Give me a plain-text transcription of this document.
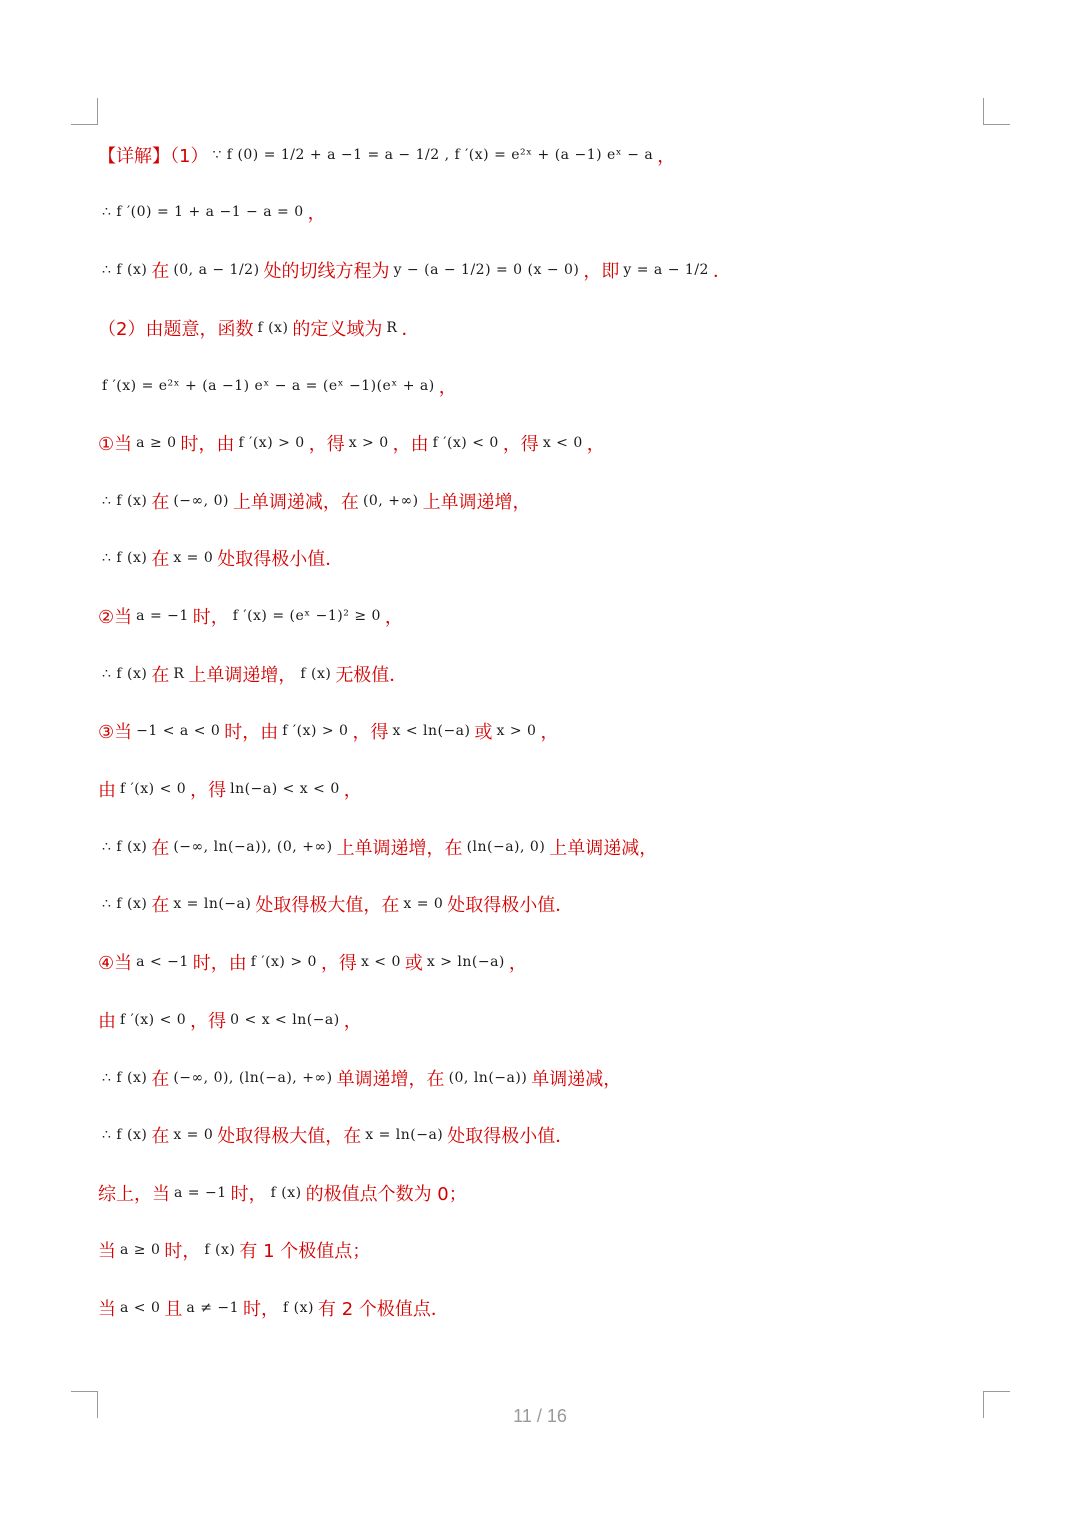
【详解】（1） ∵ f (0) = 1/2 + a −1 = a − 1/2 , f ′(x) = e²ˣ + (a −1) eˣ − a ，
∴ f ′(0) = 1 + a −1 − a = 0 ，
∴ f (x) 在 (0, a − 1/2) 处的切线方程为 y − (a − 1/2) = 0 (x − 0) ，即 y = a − 1/2 ．
（2）由题意，函数 f (x) 的定义域为 R ．
f ′(x) = e²ˣ + (a −1) eˣ − a = (eˣ −1)(eˣ + a) ，
①当 a ≥ 0 时，由 f ′(x) > 0 ，得 x > 0 ，由 f ′(x) < 0 ，得 x < 0 ，
∴ f (x) 在 (−∞, 0) 上单调递减，在 (0, +∞) 上单调递增，
∴ f (x) 在 x = 0 处取得极小值．
②当 a = −1 时， f ′(x) = (eˣ −1)² ≥ 0 ，
∴ f (x) 在 R 上单调递增， f (x) 无极值．
③当 −1 < a < 0 时，由 f ′(x) > 0 ，得 x < ln(−a) 或 x > 0 ，
由 f ′(x) < 0 ，得 ln(−a) < x < 0 ，
∴ f (x) 在 (−∞, ln(−a)), (0, +∞) 上单调递增，在 (ln(−a), 0) 上单调递减，
∴ f (x) 在 x = ln(−a) 处取得极大值，在 x = 0 处取得极小值．
④当 a < −1 时，由 f ′(x) > 0 ，得 x < 0 或 x > ln(−a) ，
由 f ′(x) < 0 ，得 0 < x < ln(−a) ，
∴ f (x) 在 (−∞, 0), (ln(−a), +∞) 单调递增，在 (0, ln(−a)) 单调递减，
∴ f (x) 在 x = 0 处取得极大值，在 x = ln(−a) 处取得极小值．
综上，当 a = −1 时， f (x) 的极值点个数为 0；
当 a ≥ 0 时， f (x) 有 1 个极值点；
当 a < 0 且 a ≠ −1 时， f (x) 有 2 个极值点．
11 / 16
